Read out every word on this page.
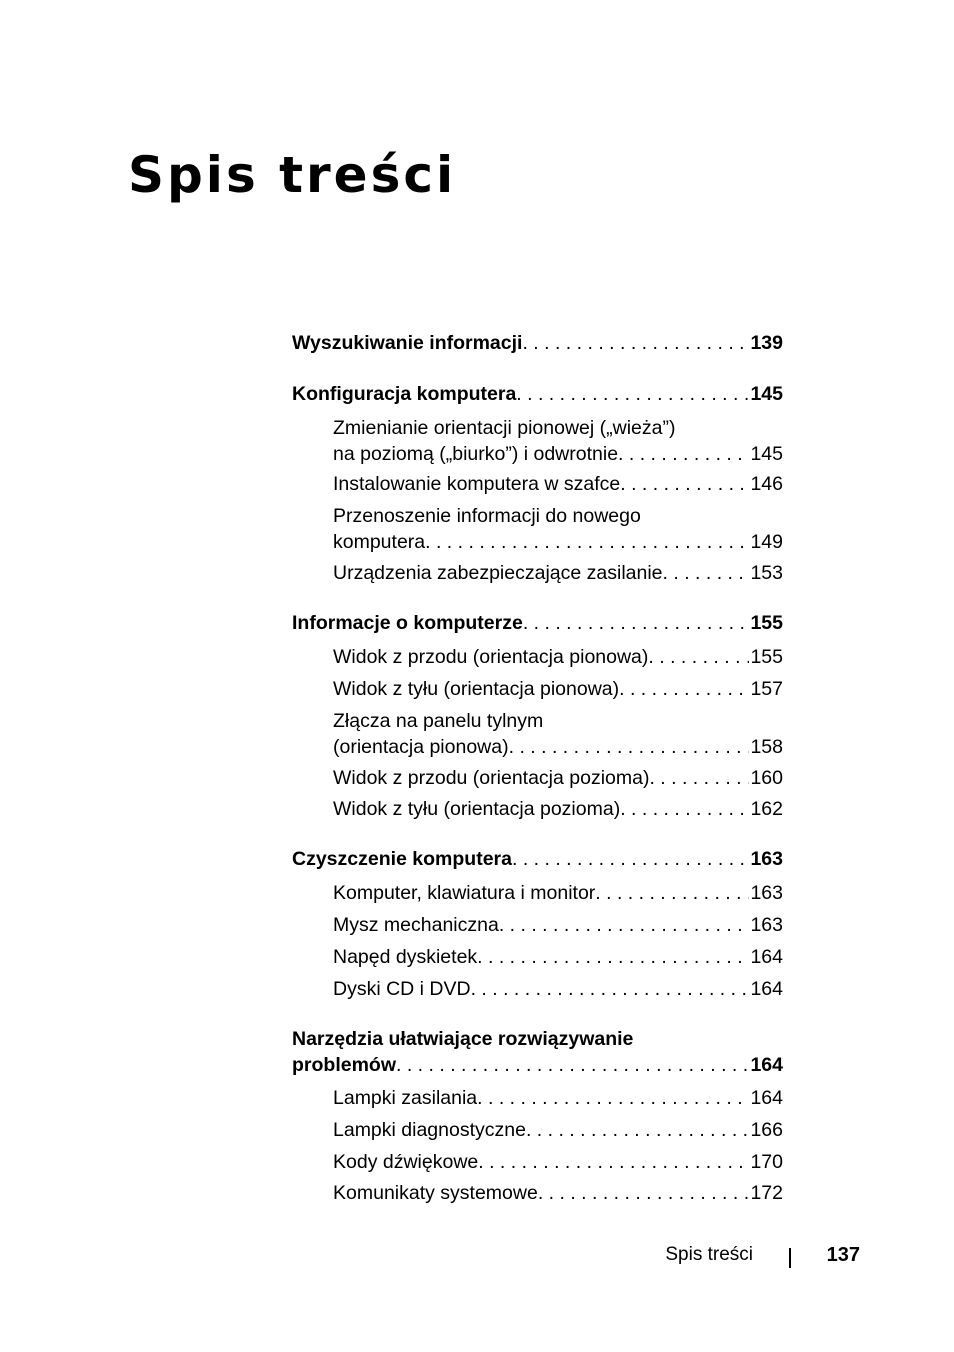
Spis treści
Wyszukiwanie informacji . . .	139
Konfiguracja komputera . . .	145
Zmienianie orientacji pionowej („wieża”)
na poziomą („biurko”) i odwrotnie . . .	145
Instalowanie komputera w szafce . . .	146
Przenoszenie informacji do nowego
komputera . . .	149
Urządzenia zabezpieczające zasilanie . . .	153
Informacje o komputerze . . .	155
Widok z przodu (orientacja pionowa) . . .	155
Widok z tyłu (orientacja pionowa) . . .	157
Złącza na panelu tylnym
(orientacja pionowa) . . .	158
Widok z przodu (orientacja pozioma) . . .	160
Widok z tyłu (orientacja pozioma) . . .	162
Czyszczenie komputera . . .	163
Komputer, klawiatura i monitor . . .	163
Mysz mechaniczna . . .	163
Napęd dyskietek . . .	164
Dyski CD i DVD . . .	164
Narzędzia ułatwiające rozwiązywanie
problemów . . .	164
Lampki zasilania . . .	164
Lampki diagnostyczne . . .	166
Kody dźwiękowe . . .	170
Komunikaty systemowe . . .	172
Spis treści	137
